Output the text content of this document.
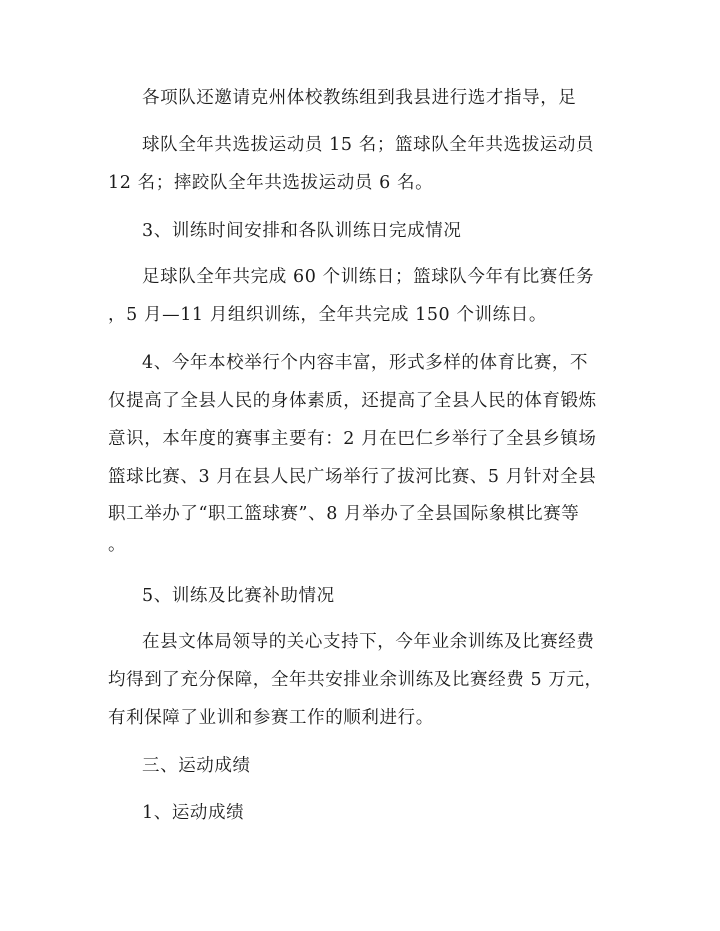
各项队还邀请克州体校教练组到我县进行选才指导，足
球队全年共选拔运动员 15 名；篮球队全年共选拔运动员
12 名；摔跤队全年共选拔运动员 6 名。
3、训练时间安排和各队训练日完成情况
足球队全年共完成 60 个训练日；篮球队今年有比赛任务
，5 月—11 月组织训练，全年共完成 150 个训练日。
4、今年本校举行个内容丰富，形式多样的体育比赛，不
仅提高了全县人民的身体素质，还提高了全县人民的体育锻炼
意识，本年度的赛事主要有：2 月在巴仁乡举行了全县乡镇场
篮球比赛、3 月在县人民广场举行了拔河比赛、5 月针对全县
职工举办了“职工篮球赛”、8 月举办了全县国际象棋比赛等
。
5、训练及比赛补助情况
在县文体局领导的关心支持下，今年业余训练及比赛经费
均得到了充分保障，全年共安排业余训练及比赛经费 5 万元，
有利保障了业训和参赛工作的顺利进行。
三、运动成绩
1、运动成绩
